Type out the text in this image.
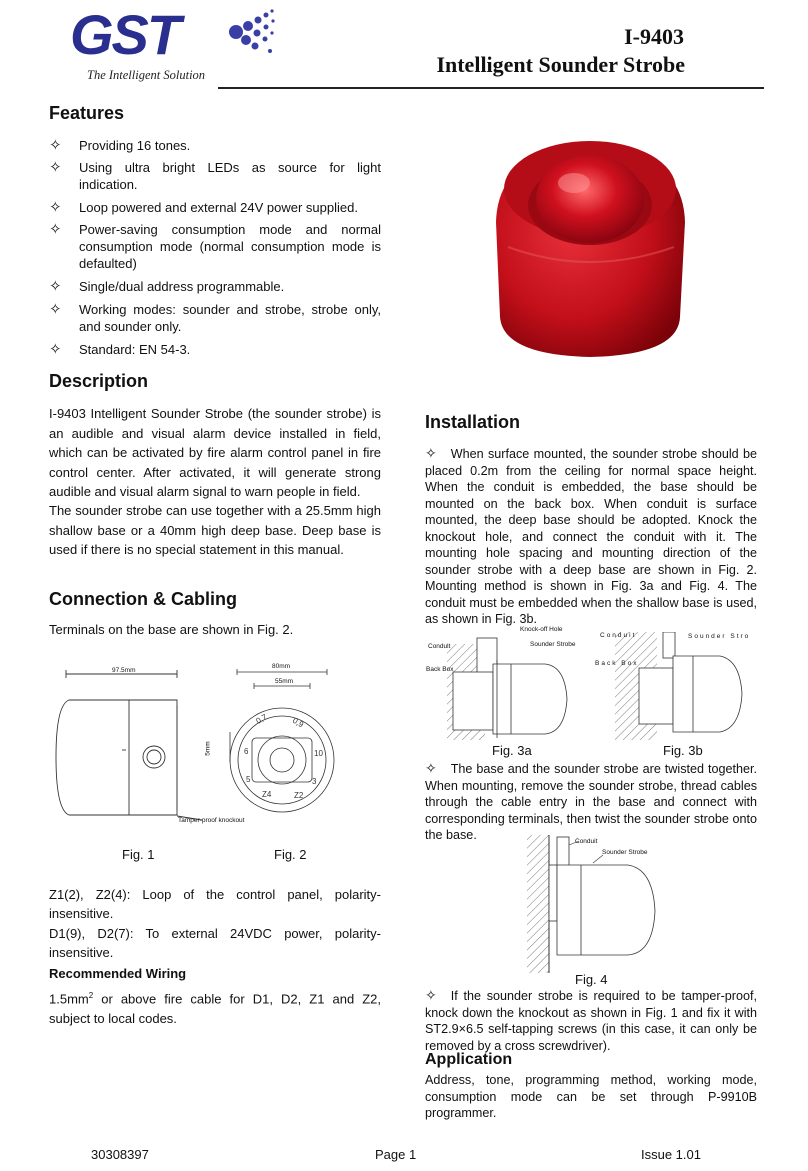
GST
The Intelligent Solution
I-9403
Intelligent Sounder Strobe
Features
✧ Providing 16 tones.
✧ Using ultra bright LEDs as source for light indication.
✧ Loop powered and external 24V power supplied.
✧ Power-saving consumption mode and normal consumption mode (normal consumption mode is defaulted)
✧ Single/dual address programmable.
✧ Working modes: sounder and strobe, strobe only, and sounder only.
✧ Standard: EN 54-3.
Description
I-9403 Intelligent Sounder Strobe (the sounder strobe) is an audible and visual alarm device installed in field, which can be activated by fire alarm control panel in fire control center. After activated, it will generate strong audible and visual alarm signal to warn people in field.
The sounder strobe can use together with a 25.5mm high shallow base or a 40mm high deep base. Deep base is used if there is no special statement in this manual.
Connection & Cabling
Terminals on the base are shown in Fig. 2.
97.5mm
Tamper-proof knockout
0,7	0,9
6	10
5	3
Z4	Z2
80mm
55mm
5mm
Fig. 1	Fig. 2
Z1(2), Z2(4): Loop of the control panel, polarity-insensitive.
D1(9), D2(7): To external 24VDC power, polarity-insensitive.
Recommended Wiring
$1.5mm^2$ or above fire cable for D1, D2, Z1 and Z2, subject to local codes.
Installation
✧ When surface mounted, the sounder strobe should be placed 0.2m from the ceiling for normal space height. When the conduit is embedded, the base should be mounted on the back box. When conduit is surface mounted, the deep base should be adopted. Knock the knockout hole, and connect the conduit with it. The mounting hole spacing and mounting direction of the sounder strobe with a deep base are shown in Fig. 2. Mounting method is shown in Fig. 3a and Fig. 4. The conduit must be embedded when the shallow base is used, as shown in Fig. 3b.
Knock-off Hole
Conduit	Sounder Strobe
Back Box
Conduit	Sounder Stro
Back Box
Fig. 3a	Fig. 3b
✧ The base and the sounder strobe are twisted together. When mounting, remove the sounder strobe, thread cables through the cable entry in the base and connect with corresponding terminals, then twist the sounder strobe onto the base.	Conduit
Sounder Strobe
Fig. 4
✧ If the sounder strobe is required to be tamper-proof, knock down the knockout as shown in Fig. 1 and fix it with ST2.9×6.5 self-tapping screws (in this case, it can only be removed by a cross screwdriver).
Application
Address, tone, programming method, working mode, consumption mode can be set through P-9910B programmer.
30308397	Page 1	Issue 1.01
